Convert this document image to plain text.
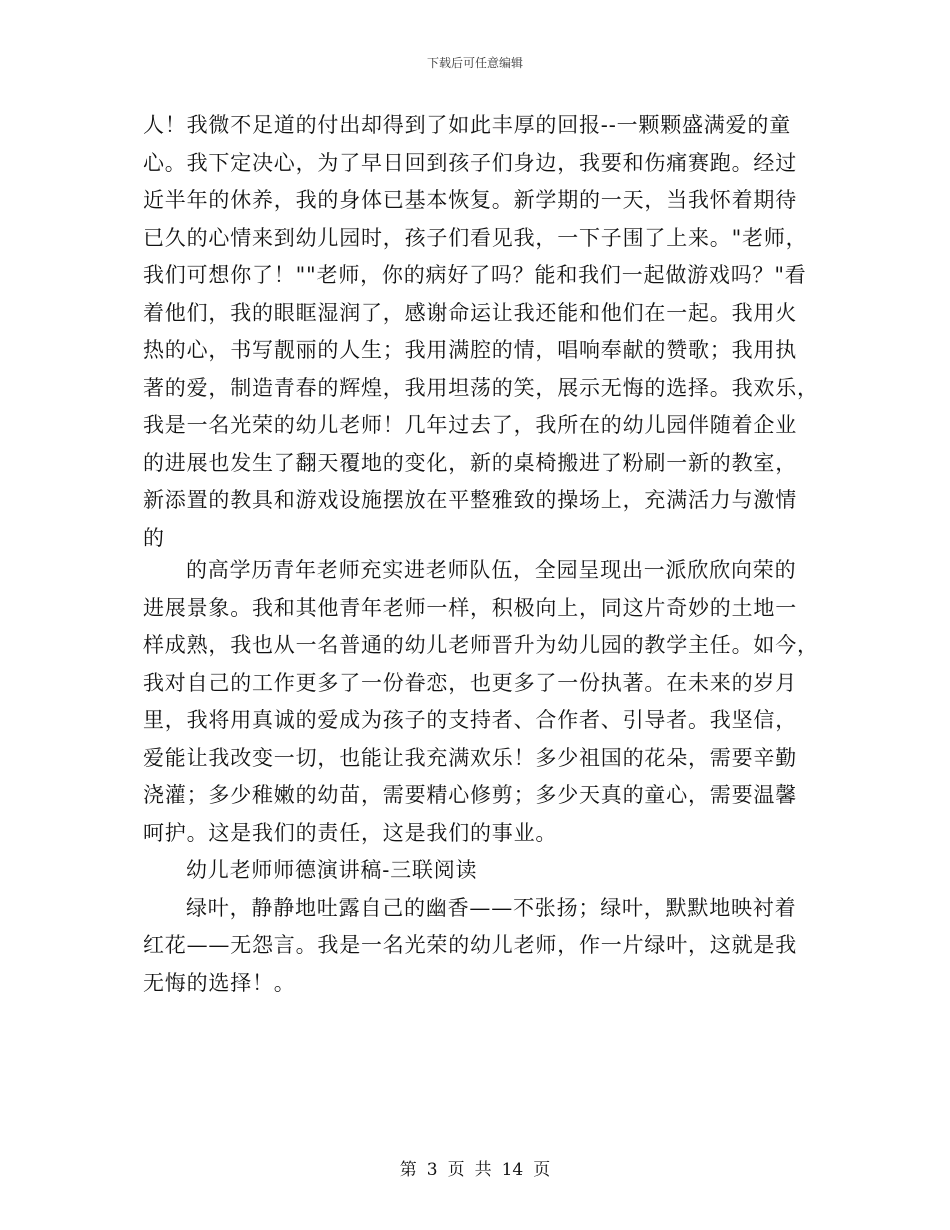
下载后可任意编辑
人！我微不足道的付出却得到了如此丰厚的回报--一颗颗盛满爱的童
心。我下定决心，为了早日回到孩子们身边，我要和伤痛赛跑。经过
近半年的休养，我的身体已基本恢复。新学期的一天，当我怀着期待
已久的心情来到幼儿园时，孩子们看见我，一下子围了上来。"老师，
我们可想你了！""老师，你的病好了吗？能和我们一起做游戏吗？"看
着他们，我的眼眶湿润了，感谢命运让我还能和他们在一起。我用火
热的心，书写靓丽的人生；我用满腔的情，唱响奉献的赞歌；我用执
著的爱，制造青春的辉煌，我用坦荡的笑，展示无悔的选择。我欢乐，
我是一名光荣的幼儿老师！几年过去了，我所在的幼儿园伴随着企业
的进展也发生了翻天覆地的变化，新的桌椅搬进了粉刷一新的教室，
新添置的教具和游戏设施摆放在平整雅致的操场上，充满活力与激情
的
的高学历青年老师充实进老师队伍，全园呈现出一派欣欣向荣的
进展景象。我和其他青年老师一样，积极向上，同这片奇妙的土地一
样成熟，我也从一名普通的幼儿老师晋升为幼儿园的教学主任。如今，
我对自己的工作更多了一份眷恋，也更多了一份执著。在未来的岁月
里，我将用真诚的爱成为孩子的支持者、合作者、引导者。我坚信，
爱能让我改变一切，也能让我充满欢乐！多少祖国的花朵，需要辛勤
浇灌；多少稚嫩的幼苗，需要精心修剪；多少天真的童心，需要温馨
呵护。这是我们的责任，这是我们的事业。
幼儿老师师德演讲稿-三联阅读
绿叶，静静地吐露自己的幽香——不张扬；绿叶，默默地映衬着
红花——无怨言。我是一名光荣的幼儿老师，作一片绿叶，这就是我
无悔的选择！。
第 3 页 共 14 页
